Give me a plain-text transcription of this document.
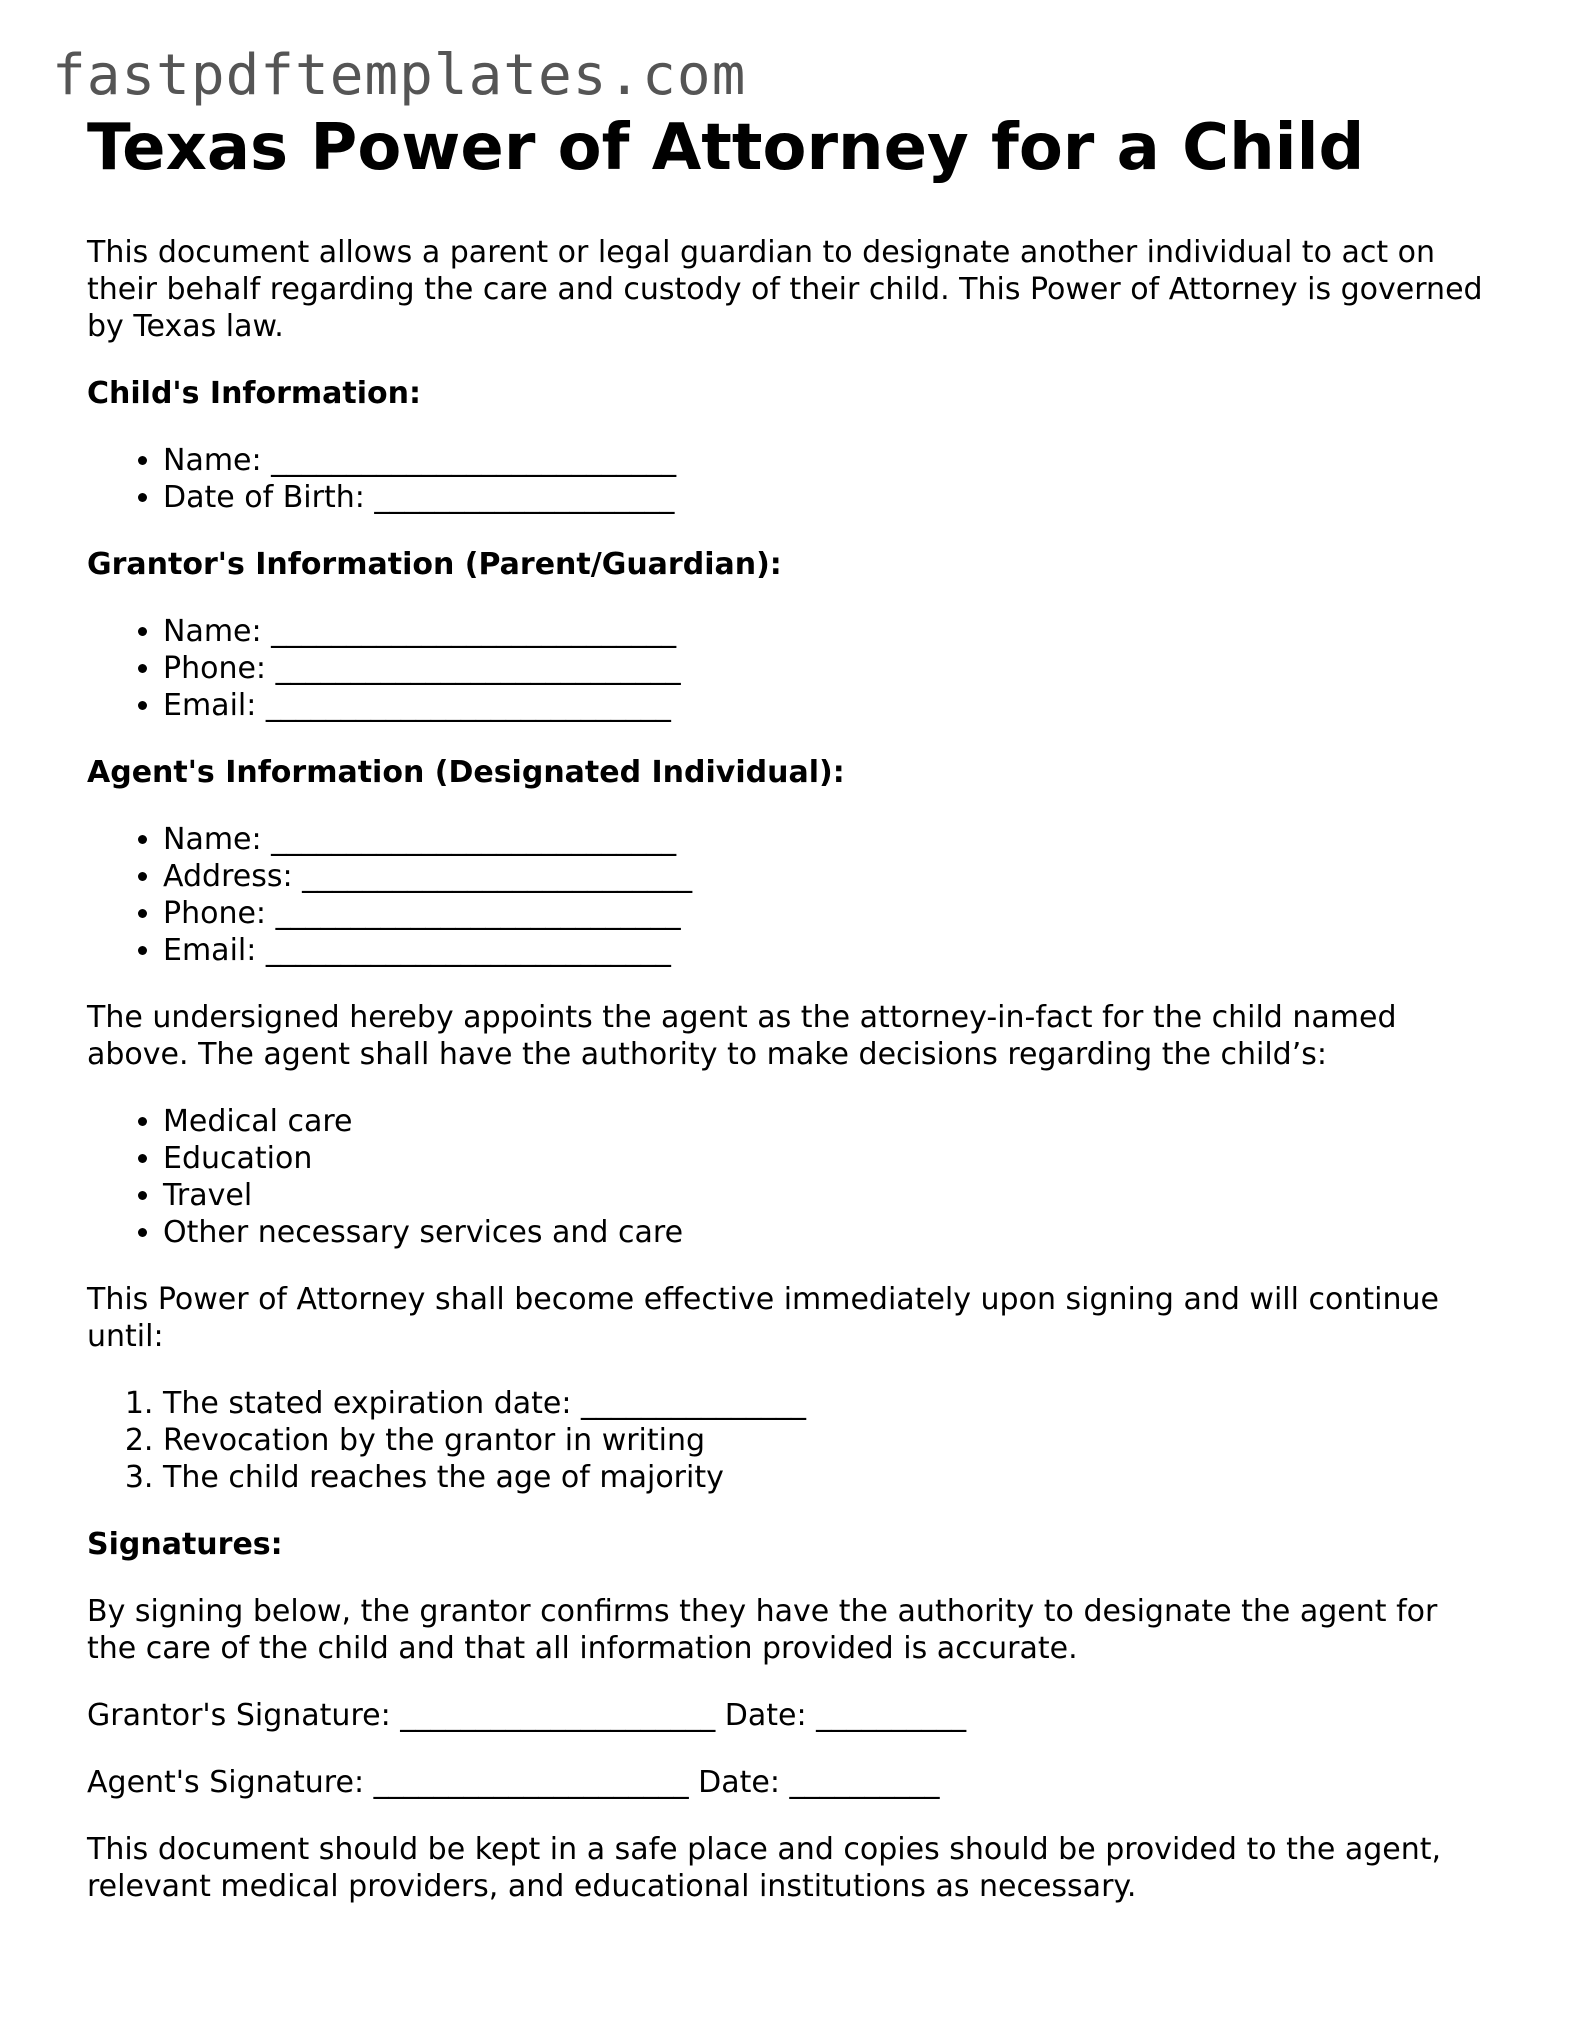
fastpdftemplates.com
Texas Power of Attorney for a Child

This document allows a parent or legal guardian to designate another individual to act on their behalf regarding the care and custody of their child. This Power of Attorney is governed by Texas law.

Child's Information:
• Name: ___________________________
• Date of Birth: ____________________
Grantor's Information (Parent/Guardian):
• Name: ___________________________
• Phone: ___________________________
• Email: ___________________________
Agent's Information (Designated Individual):
• Name: ___________________________
• Address: __________________________
• Phone: ___________________________
• Email: ___________________________

The undersigned hereby appoints the agent as the attorney-in-fact for the child named above. The agent shall have the authority to make decisions regarding the child’s:

• Medical care
• Education
• Travel
• Other necessary services and care

This Power of Attorney shall become effective immediately upon signing and will continue until:

1. The stated expiration date: _______________
2. Revocation by the grantor in writing
3. The child reaches the age of majority
Signatures:

By signing below, the grantor confirms they have the authority to designate the agent for the care of the child and that all information provided is accurate.

Grantor's Signature: _____________________ Date: __________

Agent's Signature: _____________________ Date: __________

This document should be kept in a safe place and copies should be provided to the agent, relevant medical providers, and educational institutions as necessary.
